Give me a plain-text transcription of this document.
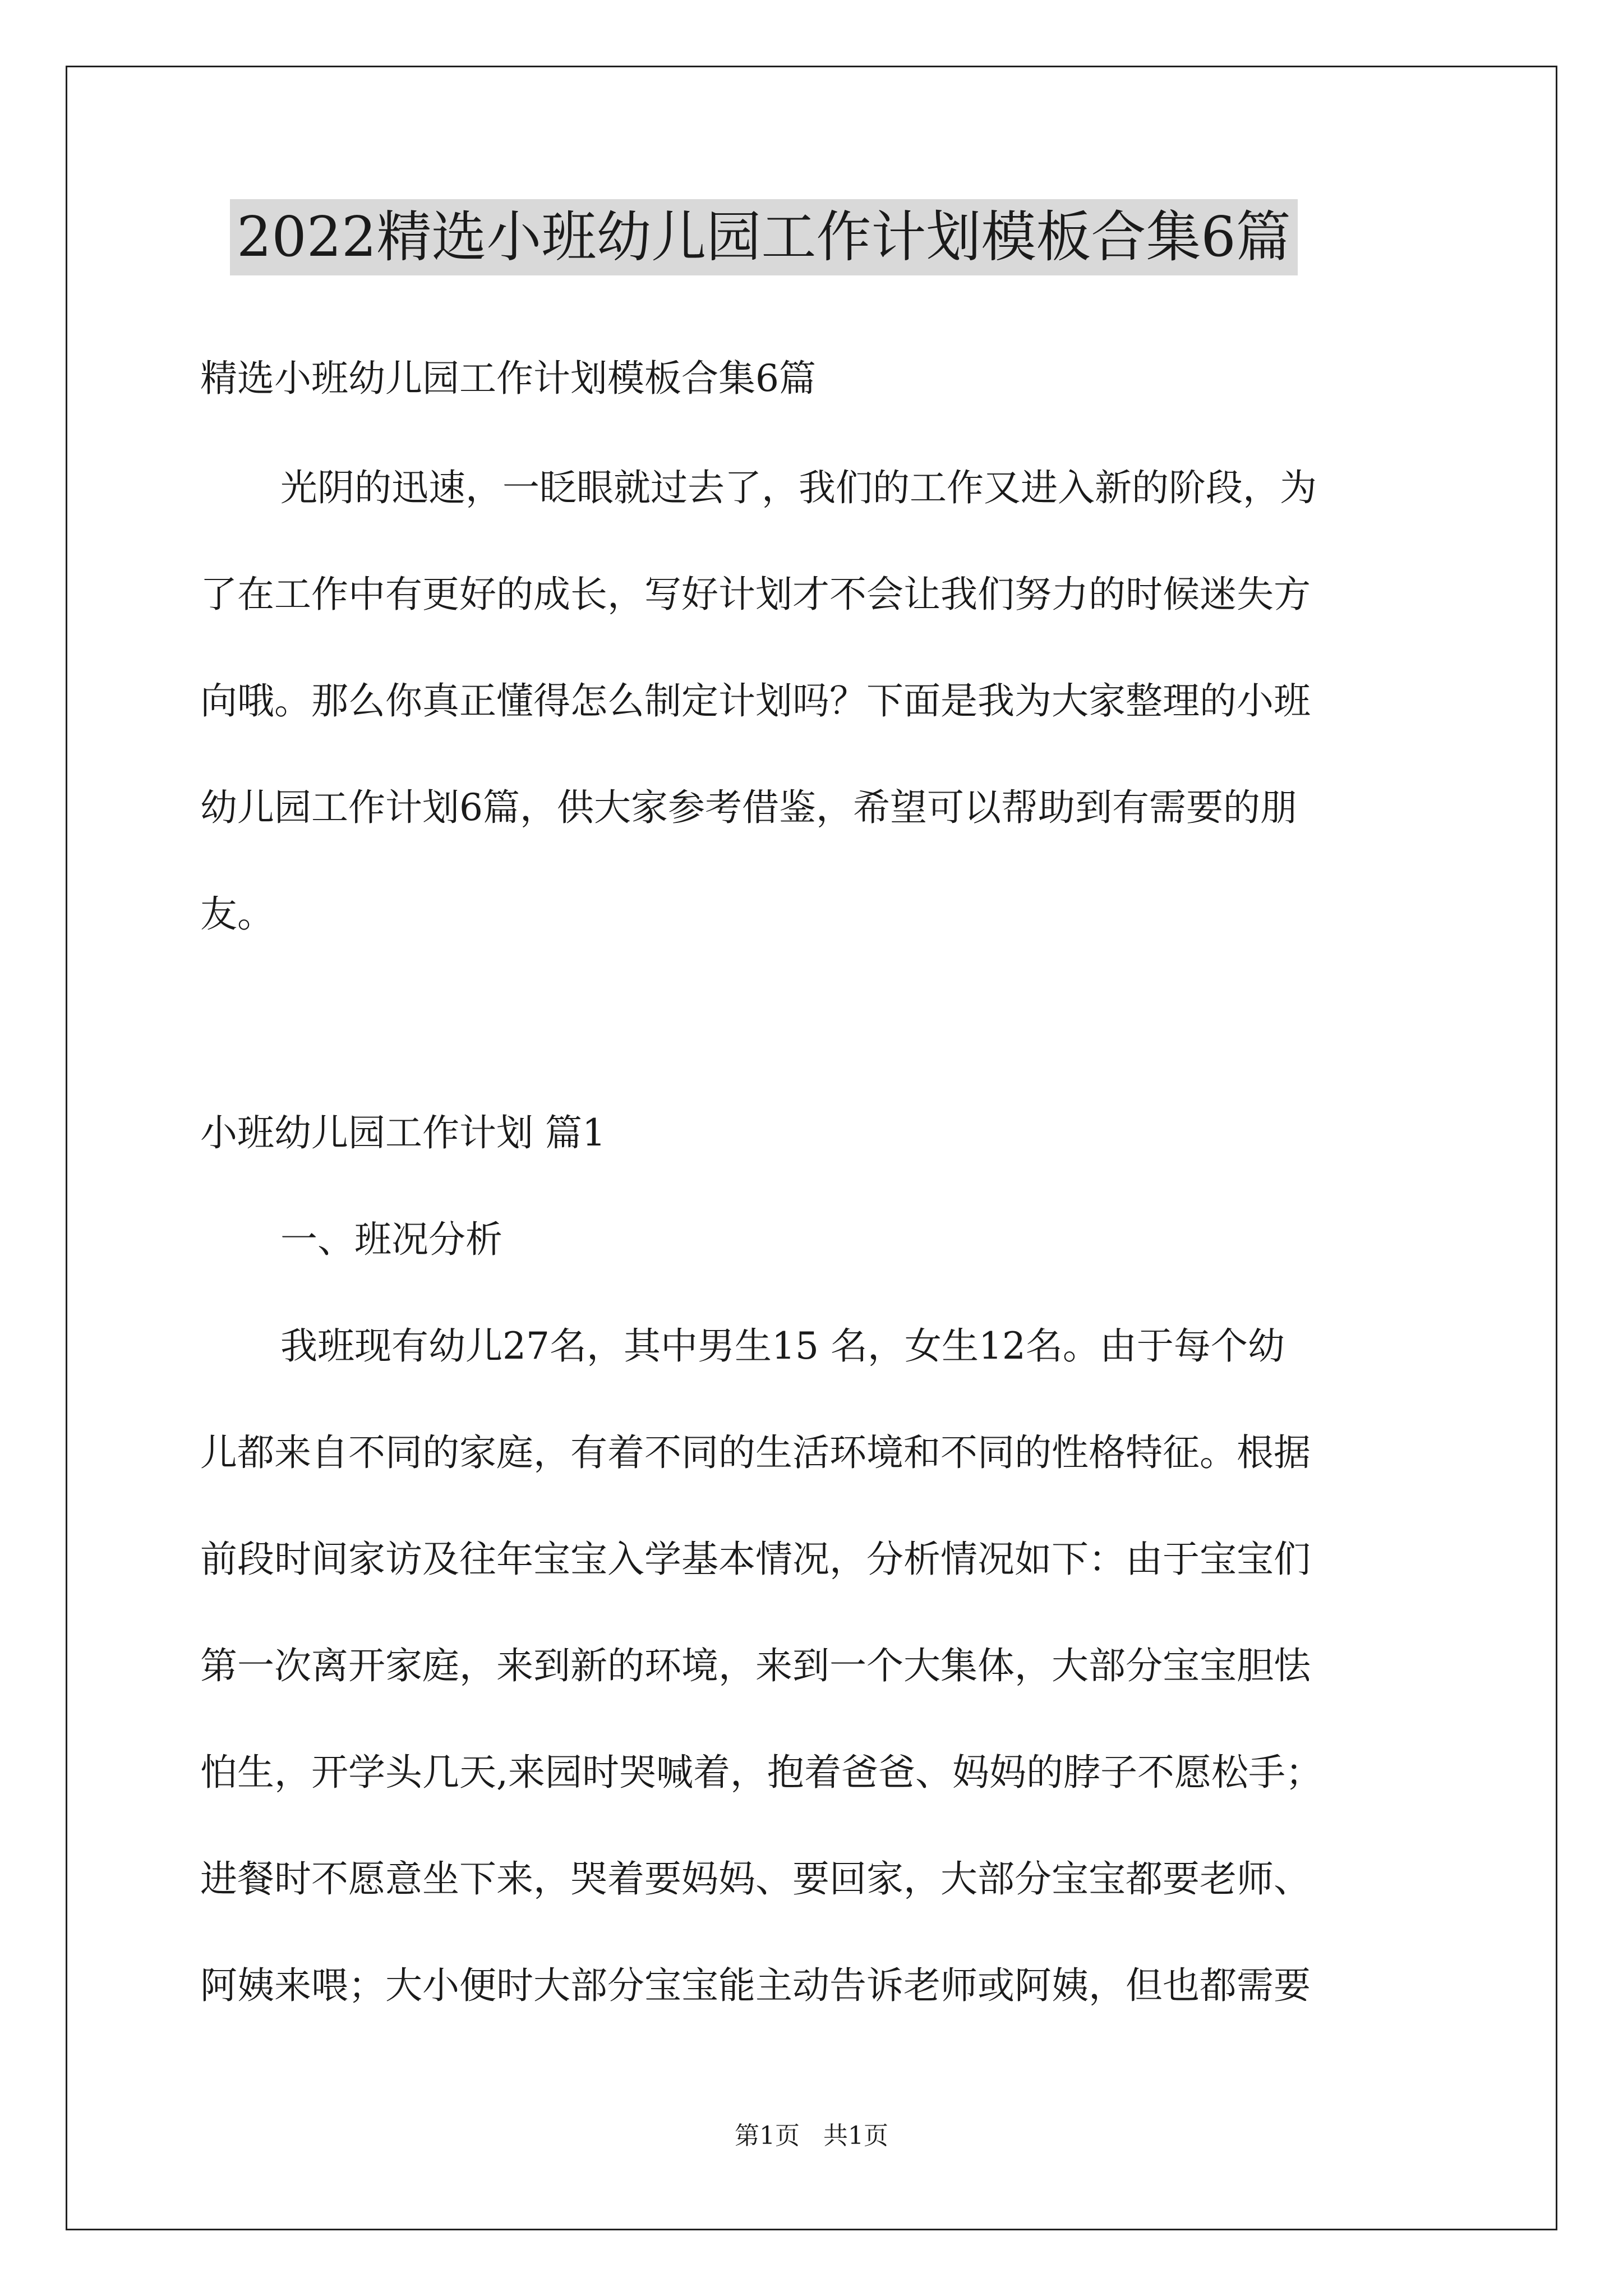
2022精选小班幼儿园工作计划模板合集6篇
精选小班幼儿园工作计划模板合集6篇
光阴的迅速，一眨眼就过去了，我们的工作又进入新的阶段，为
了在工作中有更好的成长，写好计划才不会让我们努力的时候迷失方
向哦。那么你真正懂得怎么制定计划吗？下面是我为大家整理的小班
幼儿园工作计划6篇，供大家参考借鉴，希望可以帮助到有需要的朋
友。
小班幼儿园工作计划 篇1
一、班况分析
我班现有幼儿27名，其中男生15 名，女生12名。由于每个幼
儿都来自不同的家庭，有着不同的生活环境和不同的性格特征。根据
前段时间家访及往年宝宝入学基本情况，分析情况如下：由于宝宝们
第一次离开家庭，来到新的环境，来到一个大集体，大部分宝宝胆怯
怕生，开学头几天,来园时哭喊着，抱着爸爸、妈妈的脖子不愿松手；
进餐时不愿意坐下来，哭着要妈妈、要回家，大部分宝宝都要老师、
阿姨来喂；大小便时大部分宝宝能主动告诉老师或阿姨，但也都需要
第1页   共1页
